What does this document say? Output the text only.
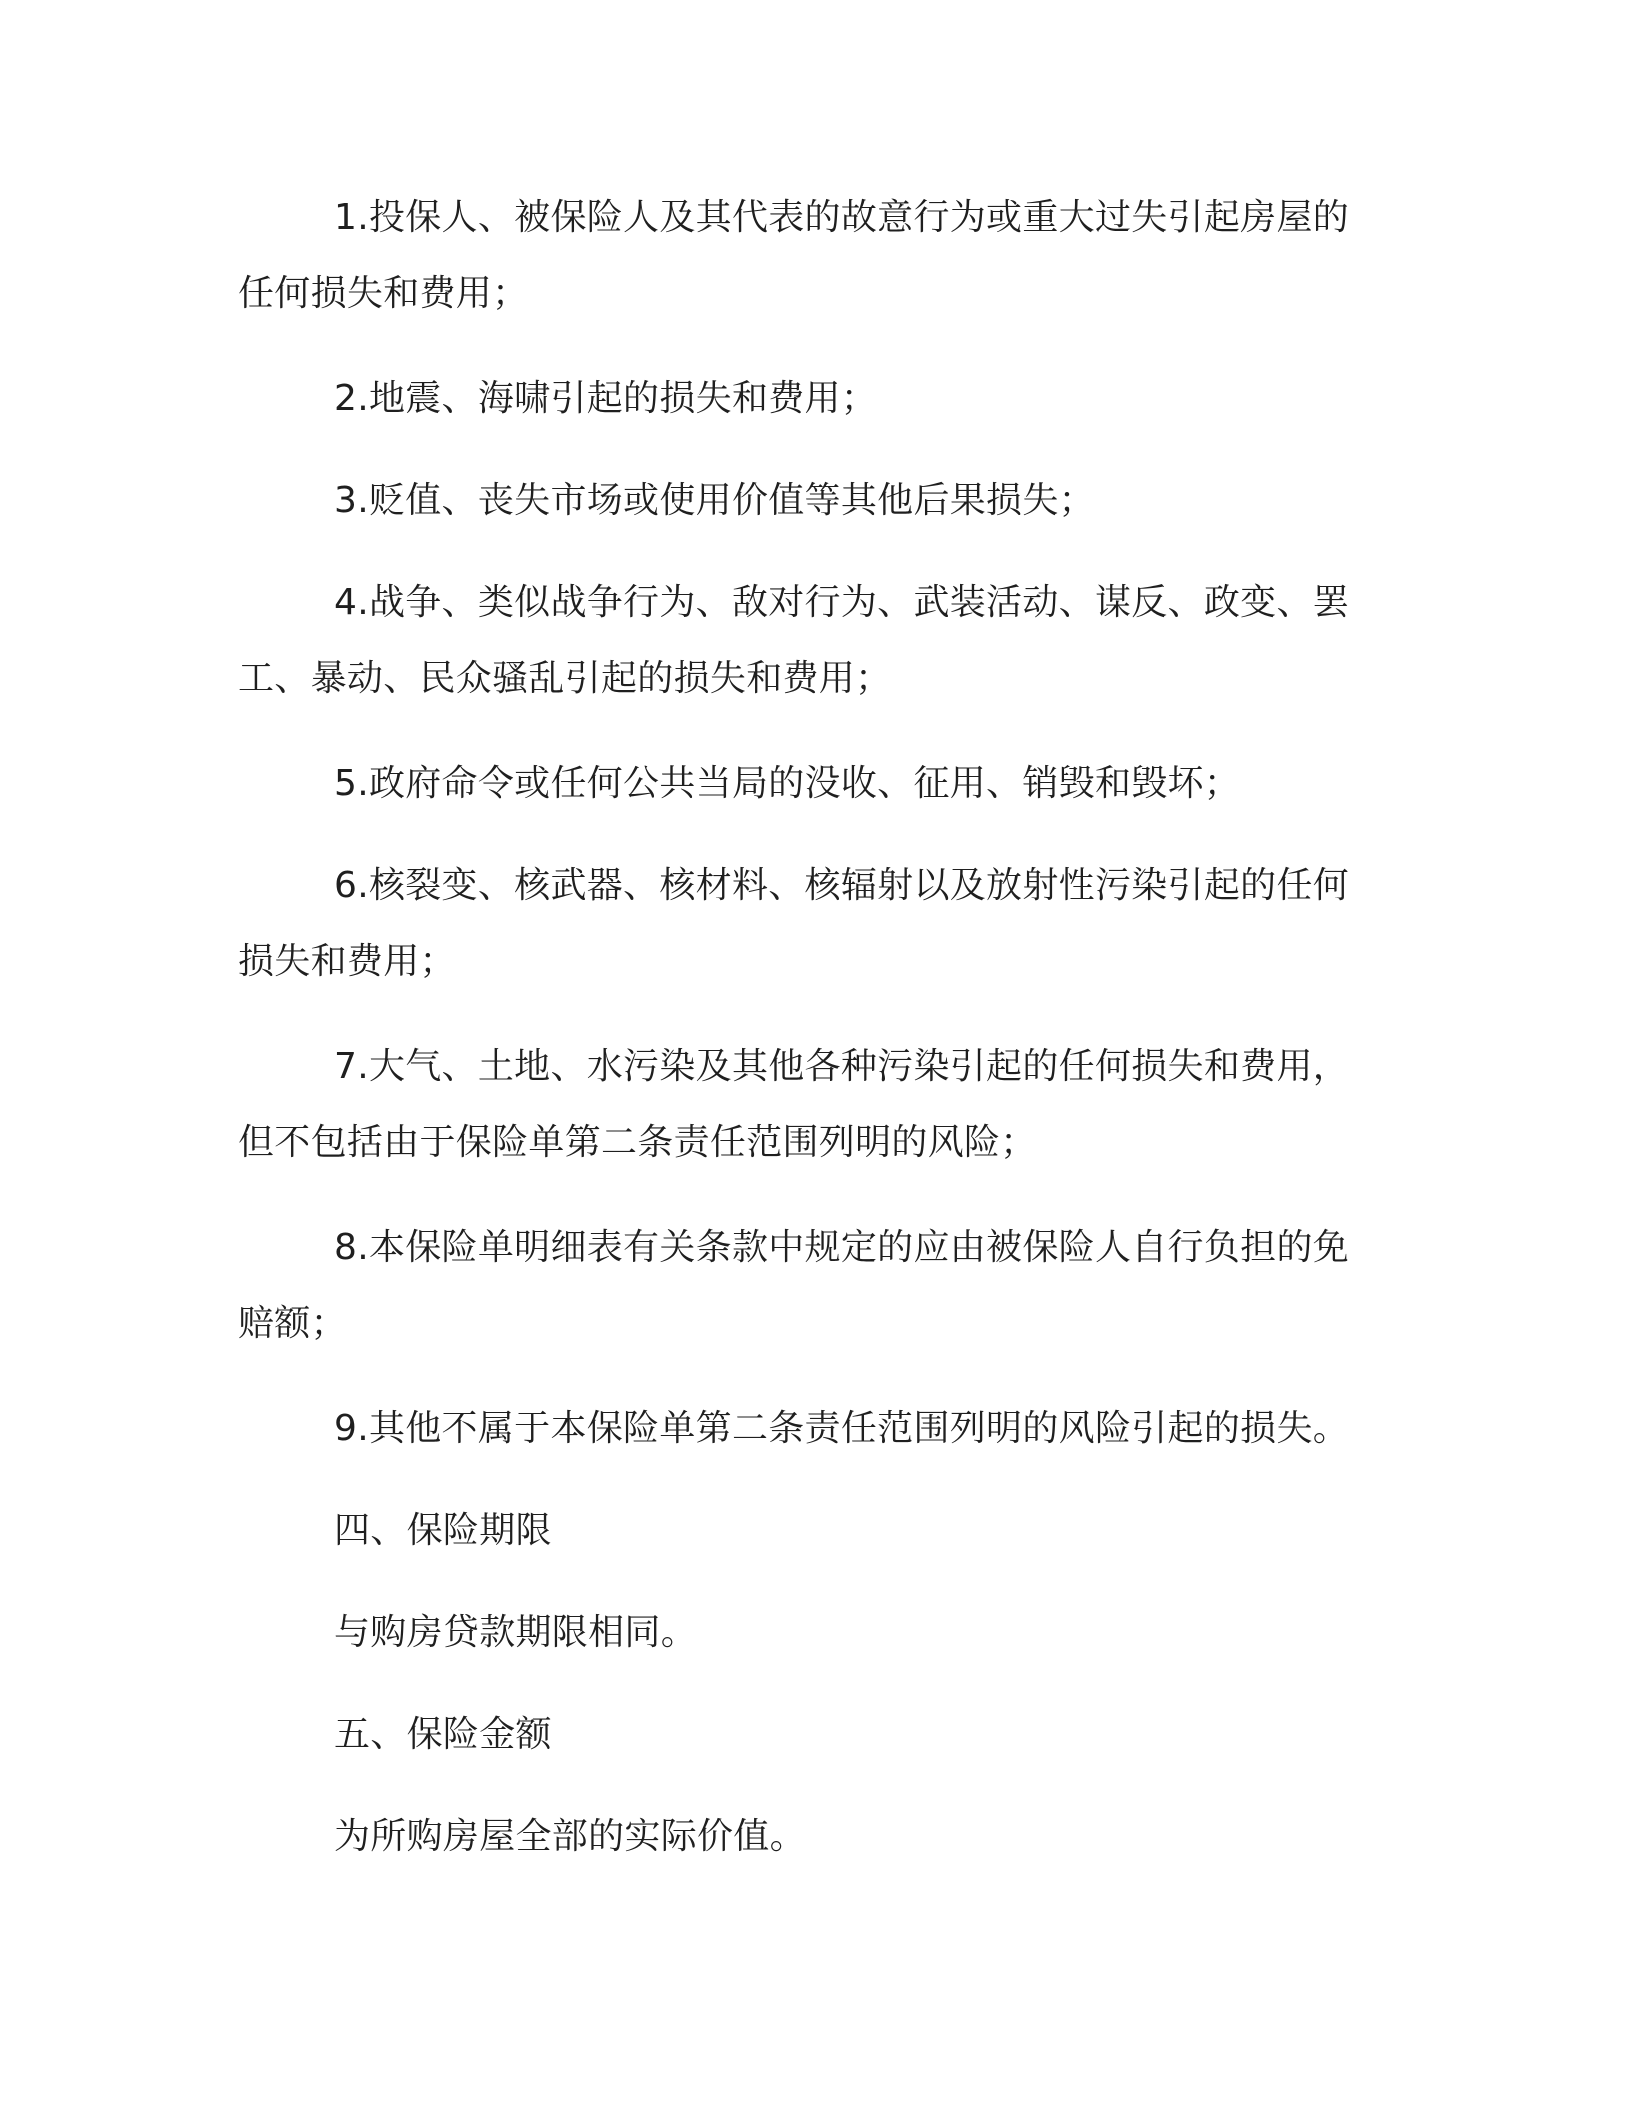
1.投保人、被保险人及其代表的故意行为或重大过失引起房屋的任何损失和费用；

2.地震、海啸引起的损失和费用；

3.贬值、丧失市场或使用价值等其他后果损失；

4.战争、类似战争行为、敌对行为、武装活动、谋反、政变、罢工、暴动、民众骚乱引起的损失和费用；

5.政府命令或任何公共当局的没收、征用、销毁和毁坏；

6.核裂变、核武器、核材料、核辐射以及放射性污染引起的任何损失和费用；

7.大气、土地、水污染及其他各种污染引起的任何损失和费用，但不包括由于保险单第二条责任范围列明的风险；

8.本保险单明细表有关条款中规定的应由被保险人自行负担的免赔额；

9.其他不属于本保险单第二条责任范围列明的风险引起的损失。

四、保险期限

与购房贷款期限相同。

五、保险金额

为所购房屋全部的实际价值。
